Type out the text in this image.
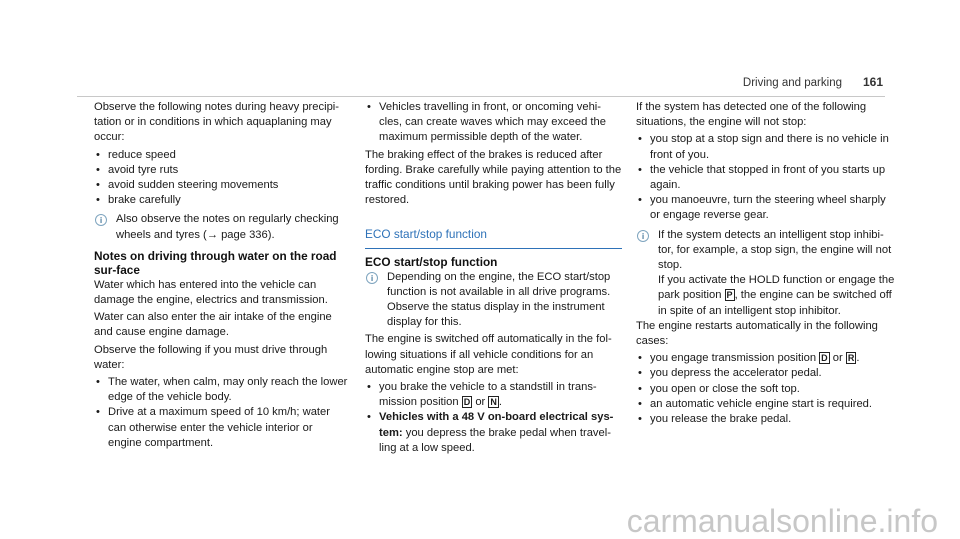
Driving and parking 161

Observe the following notes during heavy precipi-tation or in conditions in which aquaplaning may occur:

• reduce speed
• avoid tyre ruts
• avoid sudden steering movements
• brake carefully
i	Also observe the notes on regularly checking wheels and tyres (→ page 336).
Notes on driving through water on the road sur-face

Water which has entered into the vehicle can damage the engine, electrics and transmission.

Water can also enter the air intake of the engine and cause engine damage.

Observe the following if you must drive through water:

• The water, when calm, may only reach the lower edge of the vehicle body.
• Drive at a maximum speed of 10 km/h; water can otherwise enter the vehicle interior or engine compartment.
• Vehicles travelling in front, or oncoming vehi-cles, can create waves which may exceed the maximum permissible depth of the water.

The braking effect of the brakes is reduced after fording. Brake carefully while paying attention to the traffic conditions until braking power has been fully restored.

ECO start/stop function
ECO start/stop function
i	Depending on the engine, the ECO start/stop function is not available in all drive programs. Observe the status display in the instrument display for this.

The engine is switched off automatically in the fol-lowing situations if all vehicle conditions for an automatic engine stop are met:

• you brake the vehicle to a standstill in trans-mission position D or N .
• Vehicles with a 48 V on-board electrical sys-tem: you depress the brake pedal when travel-ling at a low speed.

If the system has detected one of the following situations, the engine will not stop:

• you stop at a stop sign and there is no vehicle in front of you.
• the vehicle that stopped in front of you starts up again.
• you manoeuvre, turn the steering wheel sharply or engage reverse gear.
i	If the system detects an intelligent stop inhibi-tor, for example, a stop sign, the engine will not stop.
If you activate the HOLD function or engage the park position P , the engine can be switched off in spite of an intelligent stop inhibitor.

The engine restarts automatically in the following cases:

• you engage transmission position D or R .
• you depress the accelerator pedal.
• you open or close the soft top.
• an automatic vehicle engine start is required.
• you release the brake pedal.
carmanualsonline.info
